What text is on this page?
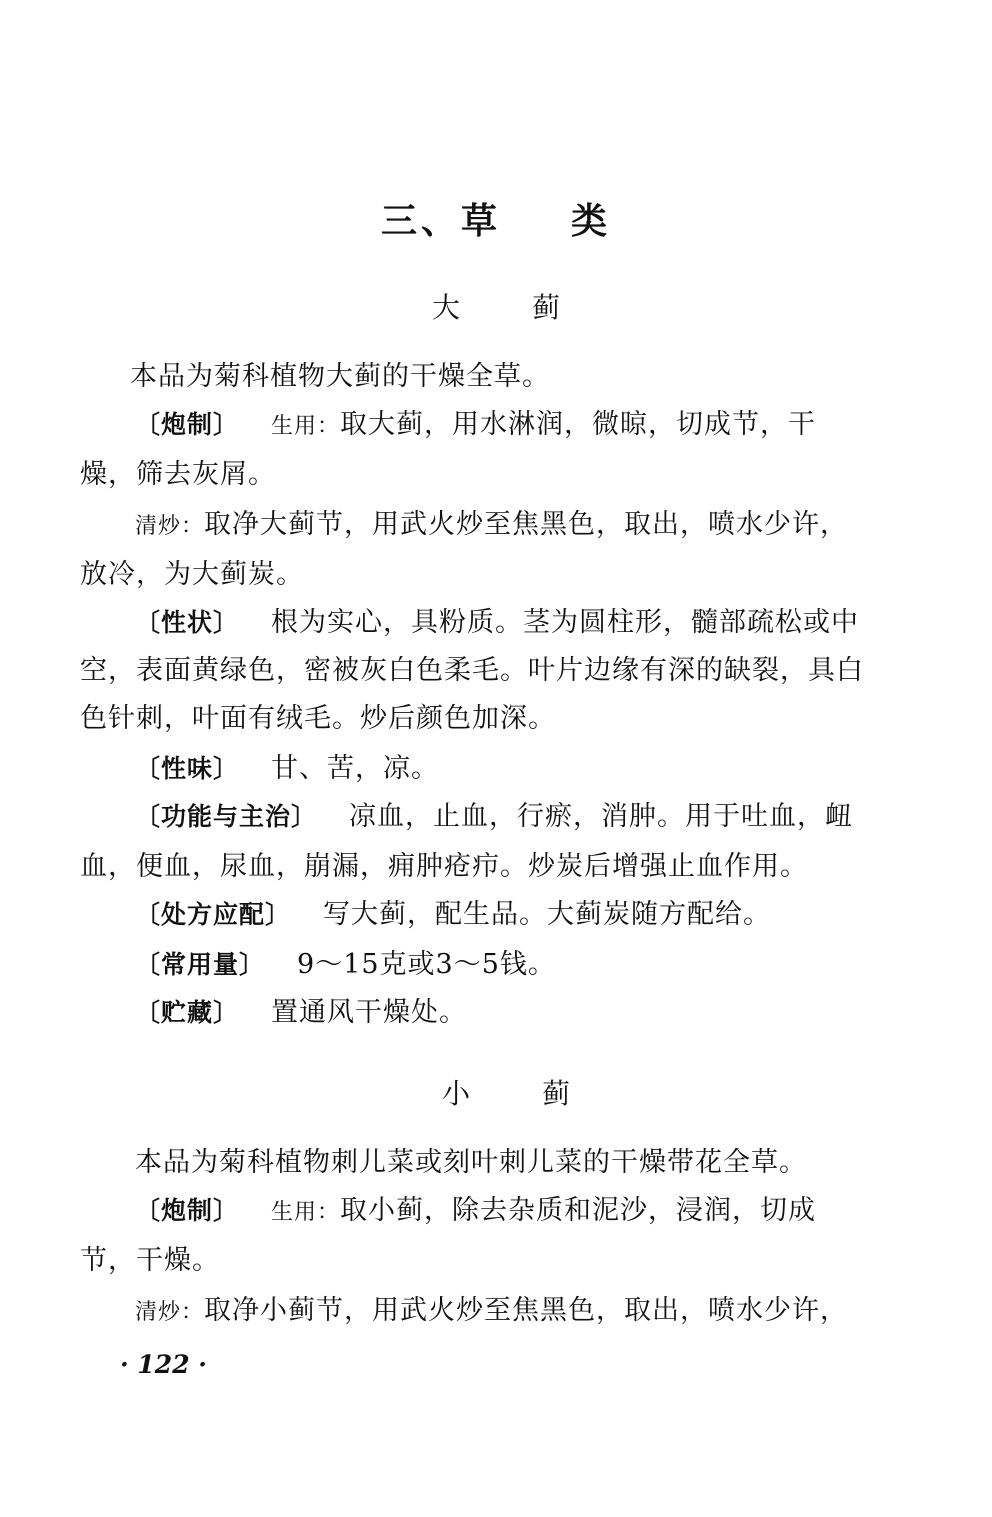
三、草 类
大	蓟
本品为菊科植物大蓟的干燥全草。
〔炮制〕 生用：取大蓟，用水淋润，微晾，切成节，干
燥，筛去灰屑。
清炒：取净大蓟节，用武火炒至焦黑色，取出，喷水少许，
放冷，为大蓟炭。
〔性状〕 根为实心，具粉质。茎为圆柱形，髓部疏松或中
空，表面黄绿色，密被灰白色柔毛。叶片边缘有深的缺裂，具白
色针刺，叶面有绒毛。炒后颜色加深。
〔性味〕 甘、苦，凉。
〔功能与主治〕 凉血，止血，行瘀，消肿。用于吐血，衄
血，便血，尿血，崩漏，痈肿疮疖。炒炭后增强止血作用。
〔处方应配〕 写大蓟，配生品。大蓟炭随方配给。
〔常用量〕 9～15克或3～5钱。
〔贮藏〕 置通风干燥处。
小	蓟
本品为菊科植物刺儿菜或刻叶刺儿菜的干燥带花全草。
〔炮制〕 生用：取小蓟，除去杂质和泥沙，浸润，切成
节，干燥。
清炒：取净小蓟节，用武火炒至焦黑色，取出，喷水少许，
· 122 ·
